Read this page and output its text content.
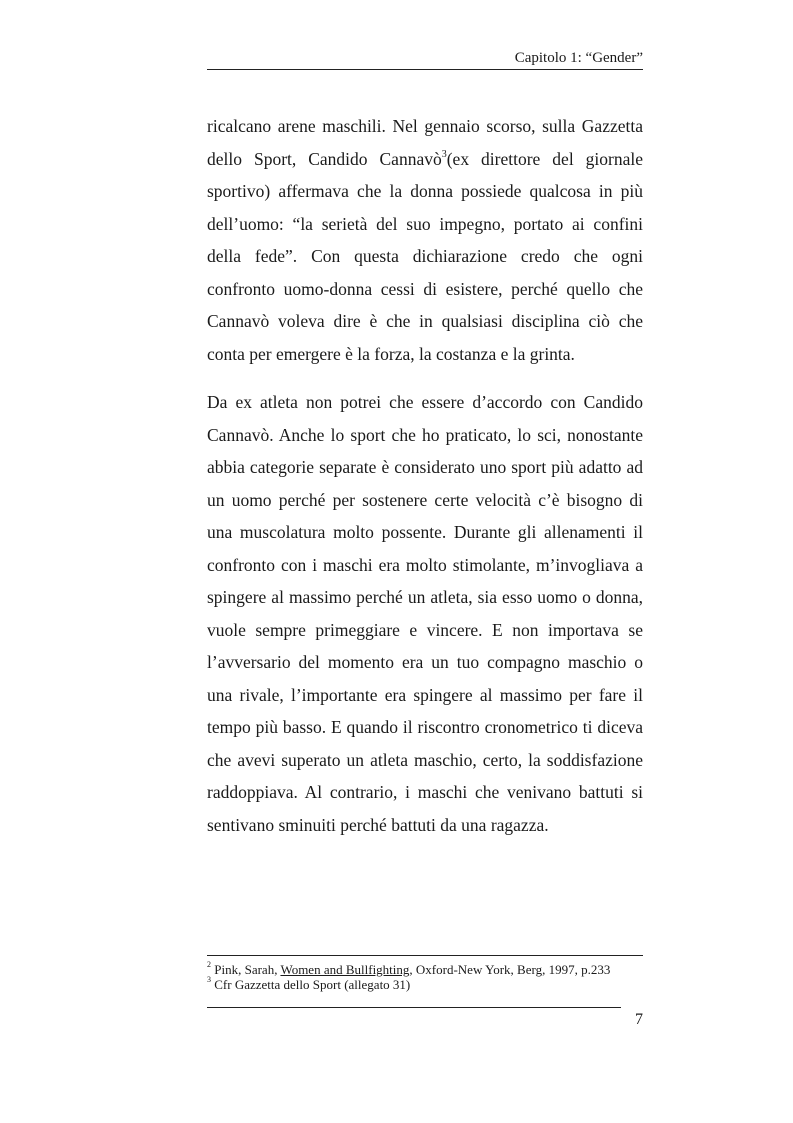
Capitolo 1: “Gender”

ricalcano arene maschili. Nel gennaio scorso, sulla Gazzetta dello Sport, Candido Cannavò$^3$(ex direttore del giornale sportivo) affermava che la donna possiede qualcosa in più dell’uomo: “la serietà del suo impegno, portato ai confini della fede”. Con questa dichiarazione credo che ogni confronto uomo-donna cessi di esistere, perché quello che Cannavò voleva dire è che in qualsiasi disciplina ciò che conta per emergere è la forza, la costanza e la grinta.

Da ex atleta non potrei che essere d’accordo con Candido Cannavò. Anche lo sport che ho praticato, lo sci, nonostante abbia categorie separate è considerato uno sport più adatto ad un uomo perché per sostenere certe velocità c’è bisogno di una muscolatura molto possente. Durante gli allenamenti il confronto con i maschi era molto stimolante, m’invogliava a spingere al massimo perché un atleta, sia esso uomo o donna, vuole sempre primeggiare e vincere. E non importava se l’avversario del momento era un tuo compagno maschio o una rivale, l’importante era spingere al massimo per fare il tempo più basso. E quando il riscontro cronometrico ti diceva che avevi superato un atleta maschio, certo, la soddisfazione raddoppiava. Al contrario, i maschi che venivano battuti si sentivano sminuiti perché battuti da una ragazza.

$^2$ Pink, Sarah, Women and Bullfighting, Oxford-New York, Berg, 1997, p.233
$^3$ Cfr Gazzetta dello Sport (allegato 31)
7
